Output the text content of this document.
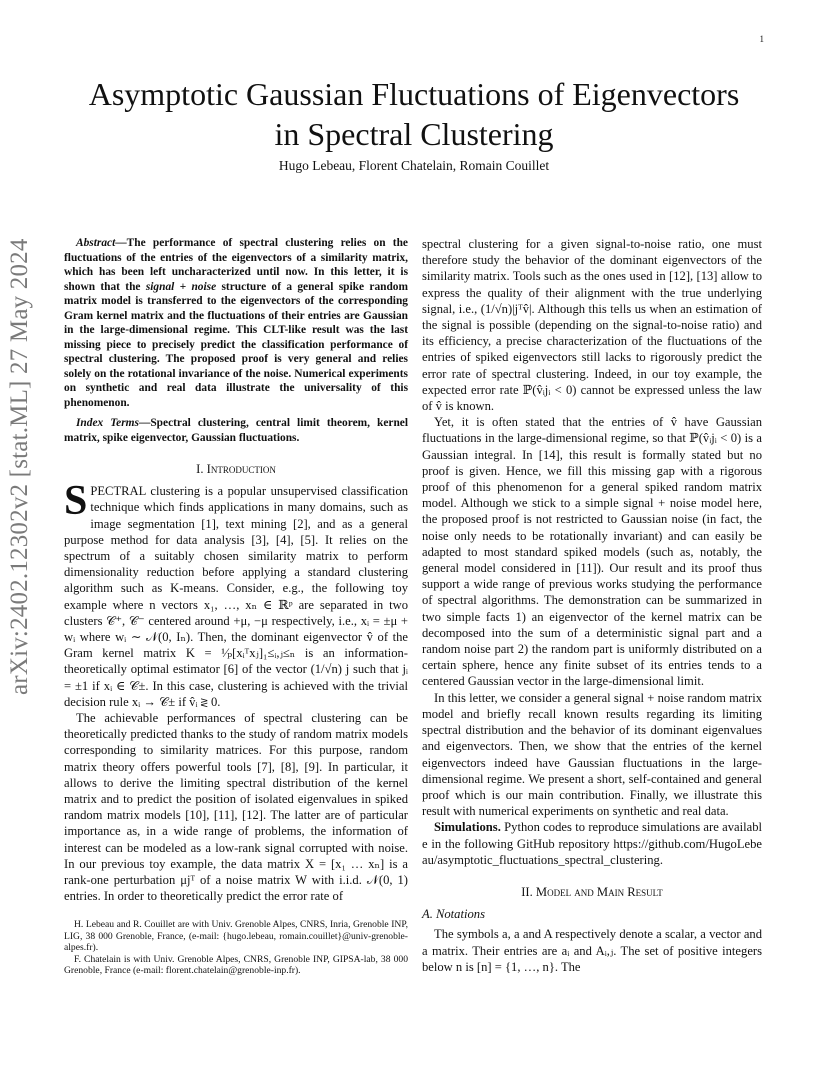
1
arXiv:2402.12302v2 [stat.ML] 27 May 2024
Asymptotic Gaussian Fluctuations of Eigenvectors
in Spectral Clustering
Hugo Lebeau, Florent Chatelain, Romain Couillet

Abstract—The performance of spectral clustering relies on the fluctuations of the entries of the eigenvectors of a similarity matrix, which has been left uncharacterized until now. In this letter, it is shown that the signal + noise structure of a general spike random matrix model is transferred to the eigenvectors of the corresponding Gram kernel matrix and the fluctuations of their entries are Gaussian in the large-dimensional regime. This CLT-like result was the last missing piece to precisely predict the classification performance of spectral clustering. The proposed proof is very general and relies solely on the rotational invariance of the noise. Numerical experiments on synthetic and real data illustrate the universality of this phenomenon.

Index Terms—Spectral clustering, central limit theorem, kernel matrix, spike eigenvector, Gaussian fluctuations.

I. Introduction

SPECTRAL clustering is a popular unsupervised classification technique which finds applications in many domains, such as image segmentation [1], text mining [2], and as a general purpose method for data analysis [3], [4], [5]. It relies on the spectrum of a suitably chosen similarity matrix to perform dimensionality reduction before applying a standard clustering algorithm such as K-means. Consider, e.g., the following toy example where n vectors x₁, …, xₙ ∈ ℝᵖ are separated in two clusters 𝒞⁺, 𝒞⁻ centered around +μ, −μ respectively, i.e., xᵢ = ±μ + wᵢ where wᵢ ∼ 𝒩(0, Iₙ). Then, the dominant eigenvector v̂ of the Gram kernel matrix K = ¹⁄ₚ[xᵢᵀxⱼ]₁≤ᵢ,ⱼ≤ₙ is an information-theoretically optimal estimator [6] of the vector (1/√n) j such that jᵢ = ±1 if xᵢ ∈ 𝒞±. In this case, clustering is achieved with the trivial decision rule xᵢ → 𝒞± if v̂ᵢ ≷ 0.

The achievable performances of spectral clustering can be theoretically predicted thanks to the study of random matrix models corresponding to similarity matrices. For this purpose, random matrix theory offers powerful tools [7], [8], [9]. In particular, it allows to derive the limiting spectral distribution of the kernel matrix and to predict the position of isolated eigenvalues in spiked random matrix models [10], [11], [12]. The latter are of particular importance as, in a wide range of problems, the information of interest can be modeled as a low-rank signal corrupted with noise. In our previous toy example, the data matrix X = [x₁ … xₙ] is a rank-one perturbation μjᵀ of a noise matrix W with i.i.d. 𝒩(0, 1) entries. In order to theoretically predict the error rate of

H. Lebeau and R. Couillet are with Univ. Grenoble Alpes, CNRS, Inria, Grenoble INP, LIG, 38 000 Grenoble, France, (e-mail: {hugo.lebeau, romain.couillet}@univ-grenoble-alpes.fr).

F. Chatelain is with Univ. Grenoble Alpes, CNRS, Grenoble INP, GIPSA-lab, 38 000 Grenoble, France (e-mail: florent.chatelain@grenoble-inp.fr).

spectral clustering for a given signal-to-noise ratio, one must therefore study the behavior of the dominant eigenvectors of the similarity matrix. Tools such as the ones used in [12], [13] allow to express the quality of their alignment with the true underlying signal, i.e., (1/√n)|jᵀv̂|. Although this tells us when an estimation of the signal is possible (depending on the signal-to-noise ratio) and its efficiency, a precise characterization of the fluctuations of the entries of spiked eigenvectors still lacks to rigorously predict the error rate of spectral clustering. Indeed, in our toy example, the expected error rate ℙ(v̂ᵢjᵢ < 0) cannot be expressed unless the law of v̂ is known.

Yet, it is often stated that the entries of v̂ have Gaussian fluctuations in the large-dimensional regime, so that ℙ(v̂ᵢjᵢ < 0) is a Gaussian integral. In [14], this result is formally stated but no proof is given. Hence, we fill this missing gap with a rigorous proof of this phenomenon for a general spiked random matrix model. Although we stick to a simple signal + noise model here, the proposed proof is not restricted to Gaussian noise (in fact, the noise only needs to be rotationally invariant) and can easily be adapted to most standard spiked models (such as, notably, the general model considered in [11]). Our result and its proof thus support a wide range of previous works studying the performance of spectral algorithms. The demonstration can be summarized in two simple facts 1) an eigenvector of the kernel matrix can be decomposed into the sum of a deterministic signal part and a random noise part 2) the random part is uniformly distributed on a certain sphere, hence any finite subset of its entries tends to a centered Gaussian vector in the large-dimensional limit.

In this letter, we consider a general signal + noise random matrix model and briefly recall known results regarding its limiting spectral distribution and the behavior of its dominant eigenvalues and eigenvectors. Then, we show that the entries of the kernel eigenvectors indeed have Gaussian fluctuations in the large-dimensional regime. We present a short, self-contained and general proof which is our main contribution. Finally, we illustrate this result with numerical experiments on synthetic and real data.

Simulations. Python codes to reproduce simulations are available in the following GitHub repository https://github.com/HugoLebeau/asymptotic_fluctuations_spectral_clustering.

II. Model and Main Result
A. Notations

The symbols a, a and A respectively denote a scalar, a vector and a matrix. Their entries are aᵢ and Aᵢ,ⱼ. The set of positive integers below n is [n] = {1, …, n}. The
